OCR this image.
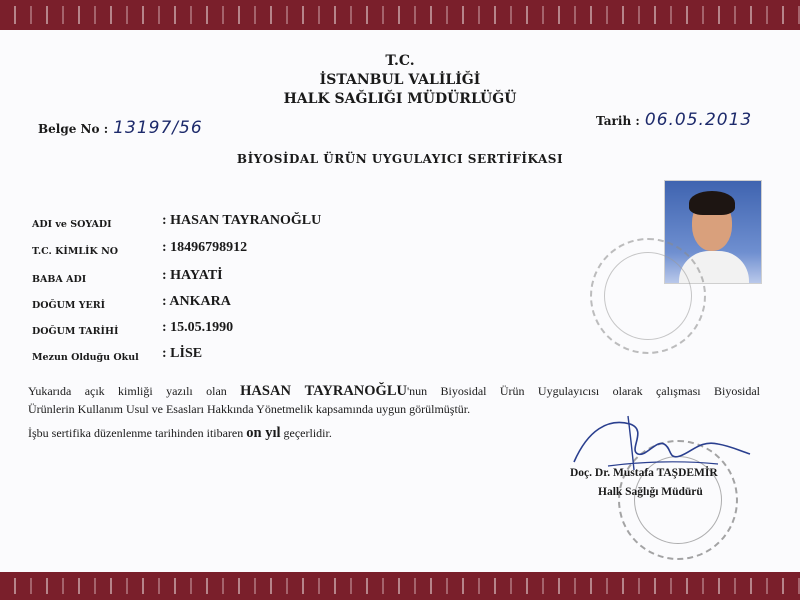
T.C.
İSTANBUL VALİLİĞİ
HALK SAĞLIĞI MÜDÜRLÜĞÜ
Belge No : 13197/56	Tarih : 06.05.2013
BİYOSİDAL ÜRÜN UYGULAYICI SERTİFİKASI
ADI ve SOYADI	: HASAN TAYRANOĞLU
T.C. KİMLİK NO	: 18496798912
BABA ADI	: HAYATİ
DOĞUM YERİ	: ANKARA
DOĞUM TARİHİ	: 15.05.1990
Mezun Olduğu Okul	: LİSE
Yukarıda açık kimliği yazılı olan HASAN TAYRANOĞLU'nun Biyosidal Ürün Uygulayıcısı olarak çalışması Biyosidal
Ürünlerin Kullanım Usul ve Esasları Hakkında Yönetmelik kapsamında uygun görülmüştür.
İşbu sertifika düzenlenme tarihinden itibaren on yıl geçerlidir.
Doç. Dr. Mustafa TAŞDEMİR
Halk Sağlığı Müdürü
